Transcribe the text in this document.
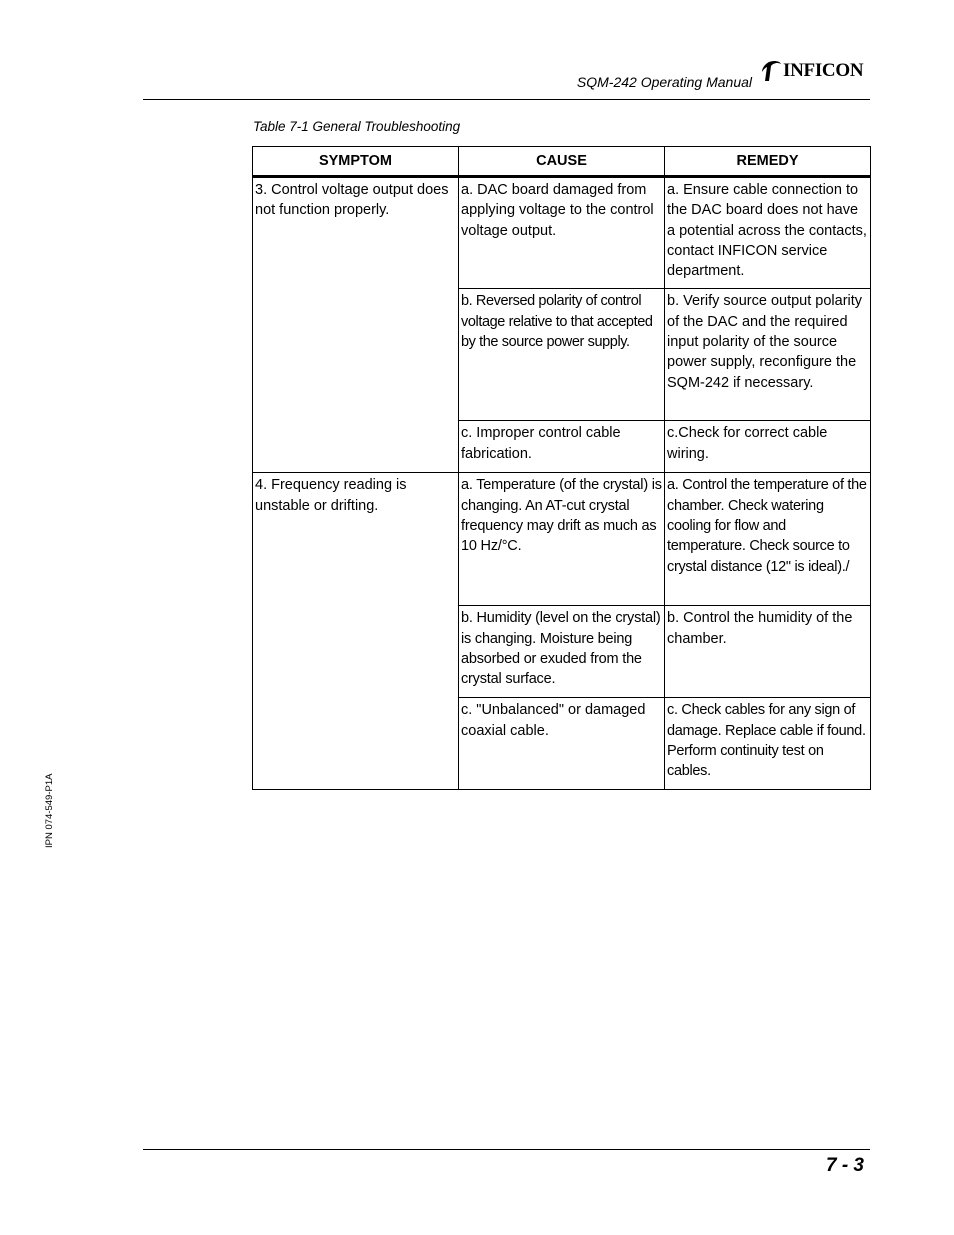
SQM-242 Operating Manual
INFICON
Table 7-1 General Troubleshooting
SYMPTOM	CAUSE	REMEDY
3. Control voltage output does not function properly.	a. DAC board damaged from applying voltage to the control voltage output.	a. Ensure cable connection to the DAC board does not have a potential across the contacts, contact INFICON service department.
	b. Reversed polarity of control voltage relative to that accepted by the source power supply.	b. Verify source output polarity of the DAC and the required input polarity of the source power supply, reconfigure the SQM-242 if necessary.
	c. Improper control cable fabrication.	c.Check for correct cable wiring.
4. Frequency reading is unstable or drifting.	a. Temperature (of the crystal) is changing. An AT-cut crystal frequency may drift as much as 10 Hz/°C.	a. Control the temperature of the chamber. Check watering cooling for flow and temperature. Check source to crystal distance (12" is ideal)./
	b. Humidity (level on the crystal) is changing. Moisture being absorbed or exuded from the crystal surface.	b. Control the humidity of the chamber.
	c. "Unbalanced" or damaged coaxial cable.	c. Check cables for any sign of damage. Replace cable if found. Perform continuity test on cables.
IPN 074-549-P1A
7 - 3
